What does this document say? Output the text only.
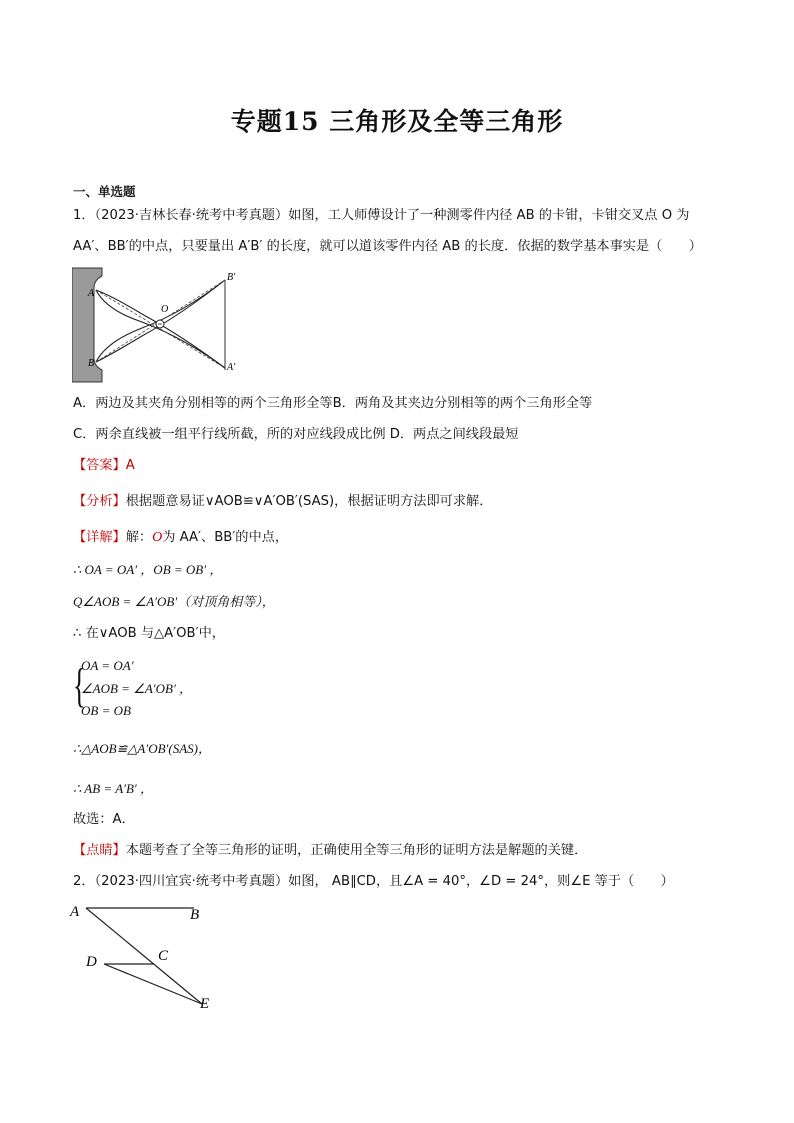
专题15 三角形及全等三角形
一、单选题
1．（2023·吉林长春·统考中考真题）如图，工人师傅设计了一种测零件内径 AB 的卡钳，卡钳交叉点 O 为
AA′、BB′的中点，只要量出 A′B′ 的长度，就可以道该零件内径 AB 的长度．依据的数学基本事实是（　　）
A
B
O
B′
A′
A．两边及其夹角分别相等的两个三角形全等B．两角及其夹边分别相等的两个三角形全等
C．两余直线被一组平行线所截，所的对应线段成比例 D．两点之间线段最短
【答案】A
【分析】根据题意易证∨AOB≌∨A′OB′(SAS)，根据证明方法即可求解．
【详解】解：O为 AA′、BB′的中点，
∴ OA = OA′ ，OB = OB′ ，
Q∠AOB = ∠A′OB′（对顶角相等），
∴ 在∨AOB 与△A′OB′中，
{
OA = OA′
∠AOB = ∠A′OB′ ，
OB = OB
∴△AOB≌△A′OB′(SAS)，
∴ AB = A′B′ ，
故选：A．
【点睛】本题考查了全等三角形的证明，正确使用全等三角形的证明方法是解题的关键．
2．（2023·四川宜宾·统考中考真题）如图， AB∥CD，且∠A = 40°，∠D = 24°，则∠E 等于（　　）
A	B
C
D
E
